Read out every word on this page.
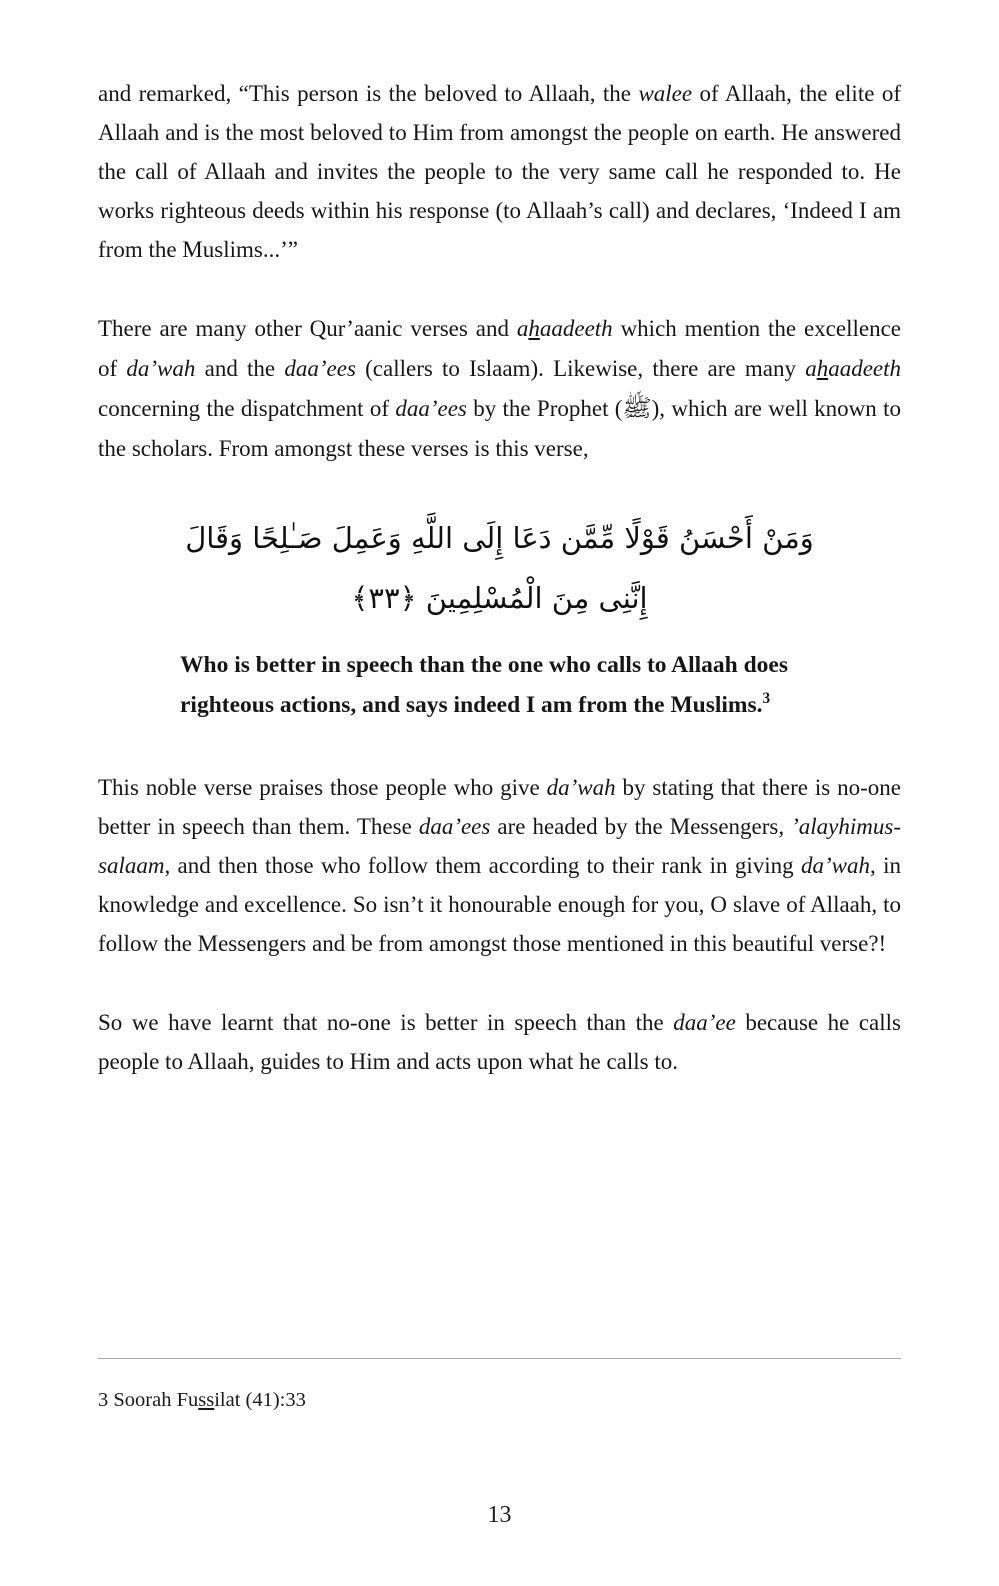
and remarked, “This person is the beloved to Allaah, the walee of Allaah, the elite of Allaah and is the most beloved to Him from amongst the people on earth. He answered the call of Allaah and invites the people to the very same call he responded to. He works righteous deeds within his response (to Allaah’s call) and declares, ‘Indeed I am from the Muslims...’”

There are many other Qur’aanic verses and ahaadeeth which mention the excellence of da’wah and the daa’ees (callers to Islaam). Likewise, there are many ahaadeeth concerning the dispatchment of daa’ees by the Prophet (ﷺ), which are well known to the scholars. From amongst these verses is this verse,

وَمَنْ أَحْسَنُ قَوْلًا مِّمَّن دَعَا إِلَى اللَّهِ وَعَمِلَ صَـٰلِحًا وَقَالَ
إِنَّنِى مِنَ الْمُسْلِمِينَ ﴿٣٣﴾

Who is better in speech than the one who calls to Allaah does righteous actions, and says indeed I am from the Muslims.$^3$

This noble verse praises those people who give da’wah by stating that there is no-one better in speech than them. These daa’ees are headed by the Messengers, ’alayhimus- salaam, and then those who follow them according to their rank in giving da’wah, in knowledge and excellence. So isn’t it honourable enough for you, O slave of Allaah, to follow the Messengers and be from amongst those mentioned in this beautiful verse?!

So we have learnt that no-one is better in speech than the daa’ee because he calls people to Allaah, guides to Him and acts upon what he calls to.

3 Soorah Fussilat (41):33

13
